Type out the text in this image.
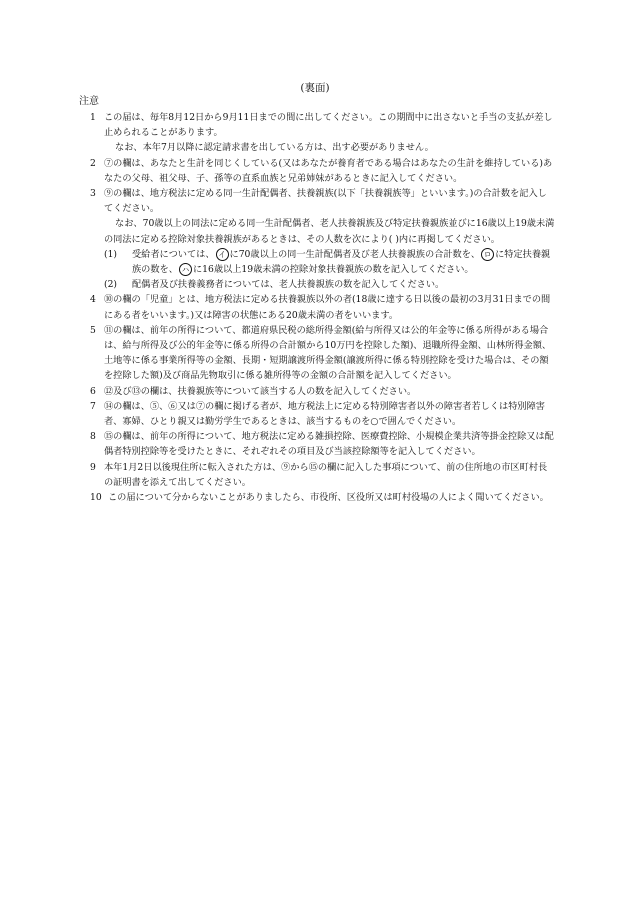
(裏面)
注意
1 この届は、毎年8月12日から9月11日までの間に出してください。この期間中に出さないと手当の支払が差し止められることがあります。
なお、本年7月以降に認定請求書を出している方は、出す必要がありません。
2 ⑦の欄は、あなたと生計を同じくしている(又はあなたが養育者である場合はあなたの生計を維持している)あなたの父母、祖父母、子、孫等の直系血族と兄弟姉妹があるときに記入してください。
3 ⑨の欄は、地方税法に定める同一生計配偶者、扶養親族(以下「扶養親族等」といいます。)の合計数を記入してください。
なお、70歳以上の同法に定める同一生計配偶者、老人扶養親族及び特定扶養親族並びに16歳以上19歳未満の同法に定める控除対象扶養親族があるときは、その人数を次により( )内に再掲してください。
(1)	受給者については、 イ に70歳以上の同一生計配偶者及び老人扶養親族の合計数を、 ロ に特定扶養親族の数を、 ハ に16歳以上19歳未満の控除対象扶養親族の数を記入してください。
(2)	配偶者及び扶養義務者については、老人扶養親族の数を記入してください。
4 ⑩の欄の「児童」とは、地方税法に定める扶養親族以外の者(18歳に達する日以後の最初の3月31日までの間にある者をいいます。)又は障害の状態にある20歳未満の者をいいます。
5 ⑪の欄は、前年の所得について、都道府県民税の総所得金額(給与所得又は公的年金等に係る所得がある場合は、給与所得及び公的年金等に係る所得の合計額から10万円を控除した額)、退職所得金額、山林所得金額、土地等に係る事業所得等の金額、長期・短期譲渡所得金額(譲渡所得に係る特別控除を受けた場合は、その額を控除した額)及び商品先物取引に係る雑所得等の金額の合計額を記入してください。
6 ⑫及び⑬の欄は、扶養親族等について該当する人の数を記入してください。
7 ⑭の欄は、⑤、⑥又は⑦の欄に掲げる者が、地方税法上に定める特別障害者以外の障害者若しくは特別障害者、寡婦、ひとり親又は勤労学生であるときは、該当するものを○で囲んでください。
8 ⑮の欄は、前年の所得について、地方税法に定める雑損控除、医療費控除、小規模企業共済等掛金控除又は配偶者特別控除等を受けたときに、それぞれその項目及び当該控除額等を記入してください。
9 本年1月2日以後現住所に転入された方は、⑨から⑮の欄に記入した事項について、前の住所地の市区町村長の証明書を添えて出してください。
10 この届について分からないことがありましたら、市役所、区役所又は町村役場の人によく聞いてください。
